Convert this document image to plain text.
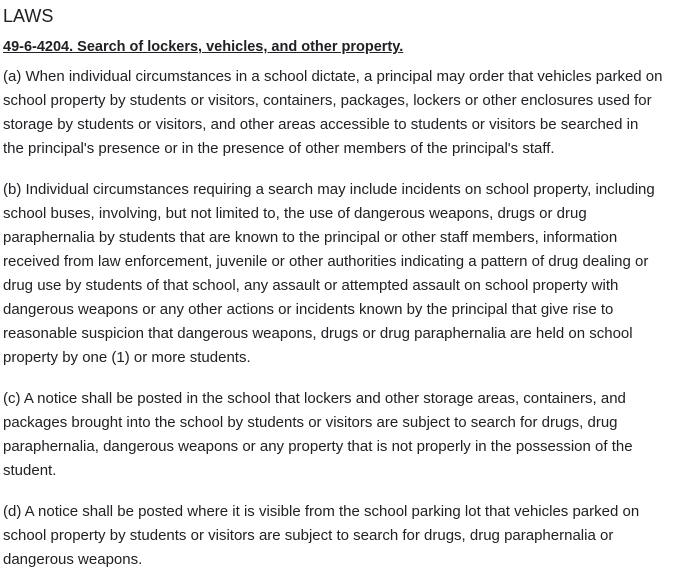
LAWS
49-6-4204. Search of lockers, vehicles, and other property.

(a) When individual circumstances in a school dictate, a principal may order that vehicles parked on
school property by students or visitors, containers, packages, lockers or other enclosures used for
storage by students or visitors, and other areas accessible to students or visitors be searched in
the principal's presence or in the presence of other members of the principal's staff.

(b) Individual circumstances requiring a search may include incidents on school property, including
school buses, involving, but not limited to, the use of dangerous weapons, drugs or drug
paraphernalia by students that are known to the principal or other staff members, information
received from law enforcement, juvenile or other authorities indicating a pattern of drug dealing or
drug use by students of that school, any assault or attempted assault on school property with
dangerous weapons or any other actions or incidents known by the principal that give rise to
reasonable suspicion that dangerous weapons, drugs or drug paraphernalia are held on school
property by one (1) or more students.

(c) A notice shall be posted in the school that lockers and other storage areas, containers, and
packages brought into the school by students or visitors are subject to search for drugs, drug
paraphernalia, dangerous weapons or any property that is not properly in the possession of the
student.

(d) A notice shall be posted where it is visible from the school parking lot that vehicles parked on
school property by students or visitors are subject to search for drugs, drug paraphernalia or
dangerous weapons.
